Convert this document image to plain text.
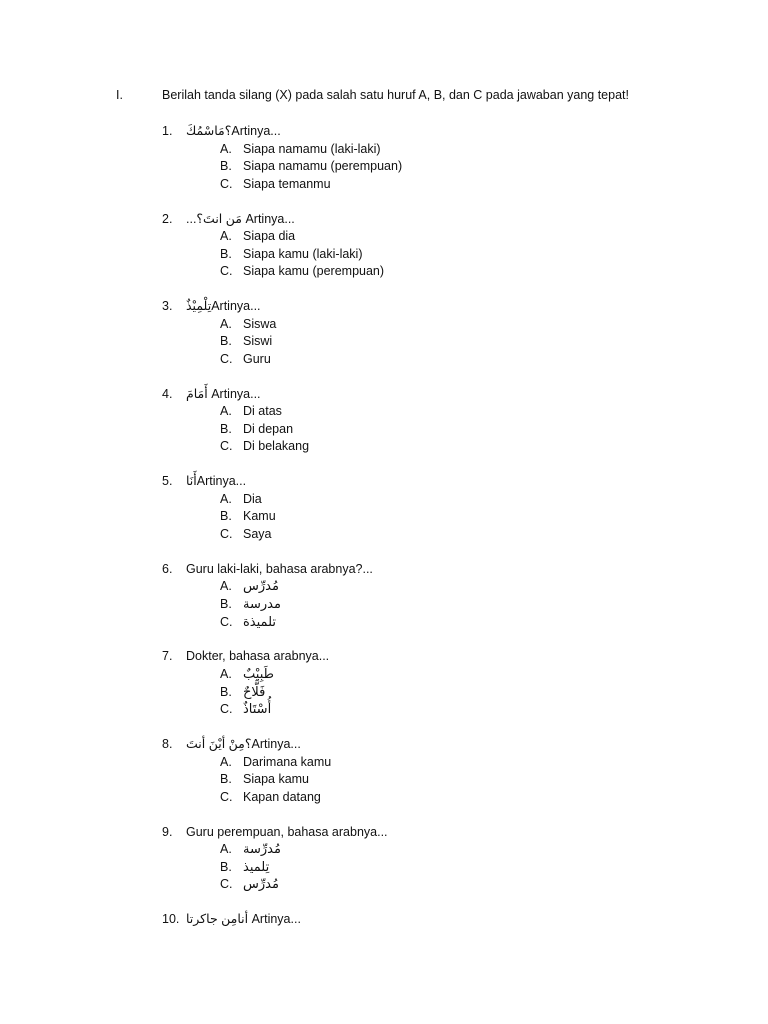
I.	Berilah tanda silang (X) pada salah satu huruf A, B, dan C pada jawaban yang tepat!
1. ؟مَاسْمُكَArtinya...
A. Siapa namamu (laki-laki)
B. Siapa namamu (perempuan)
C. Siapa temanmu
2. ...مَن انتَ؟ Artinya...
A. Siapa dia
B. Siapa kamu (laki-laki)
C. Siapa kamu (perempuan)
3. تِلْمِيْذٌArtinya...
A. Siswa
B. Siswi
C. Guru
4. أَمَامَ Artinya...
A. Di atas
B. Di depan
C. Di belakang
5. أَنَاArtinya...
A. Dia
B. Kamu
C. Saya
6. Guru laki-laki, bahasa arabnya?...
A. مُدرِّس
B. مدرسة
C. تلميذة
7. Dokter, bahasa arabnya...
A. طَبِيْبٌ
B. فَلَّاحٌ
C. أُسْتَاذٌ
8. ؟مِنْ أيْنَ أنتَArtinya...
A. Darimana kamu
B. Siapa kamu
C. Kapan datang
9. Guru perempuan, bahasa arabnya...
A. مُدرِّسة
B. تِلميذ
C. مُدرِّس
10. أنامِن جاكرتا Artinya...
